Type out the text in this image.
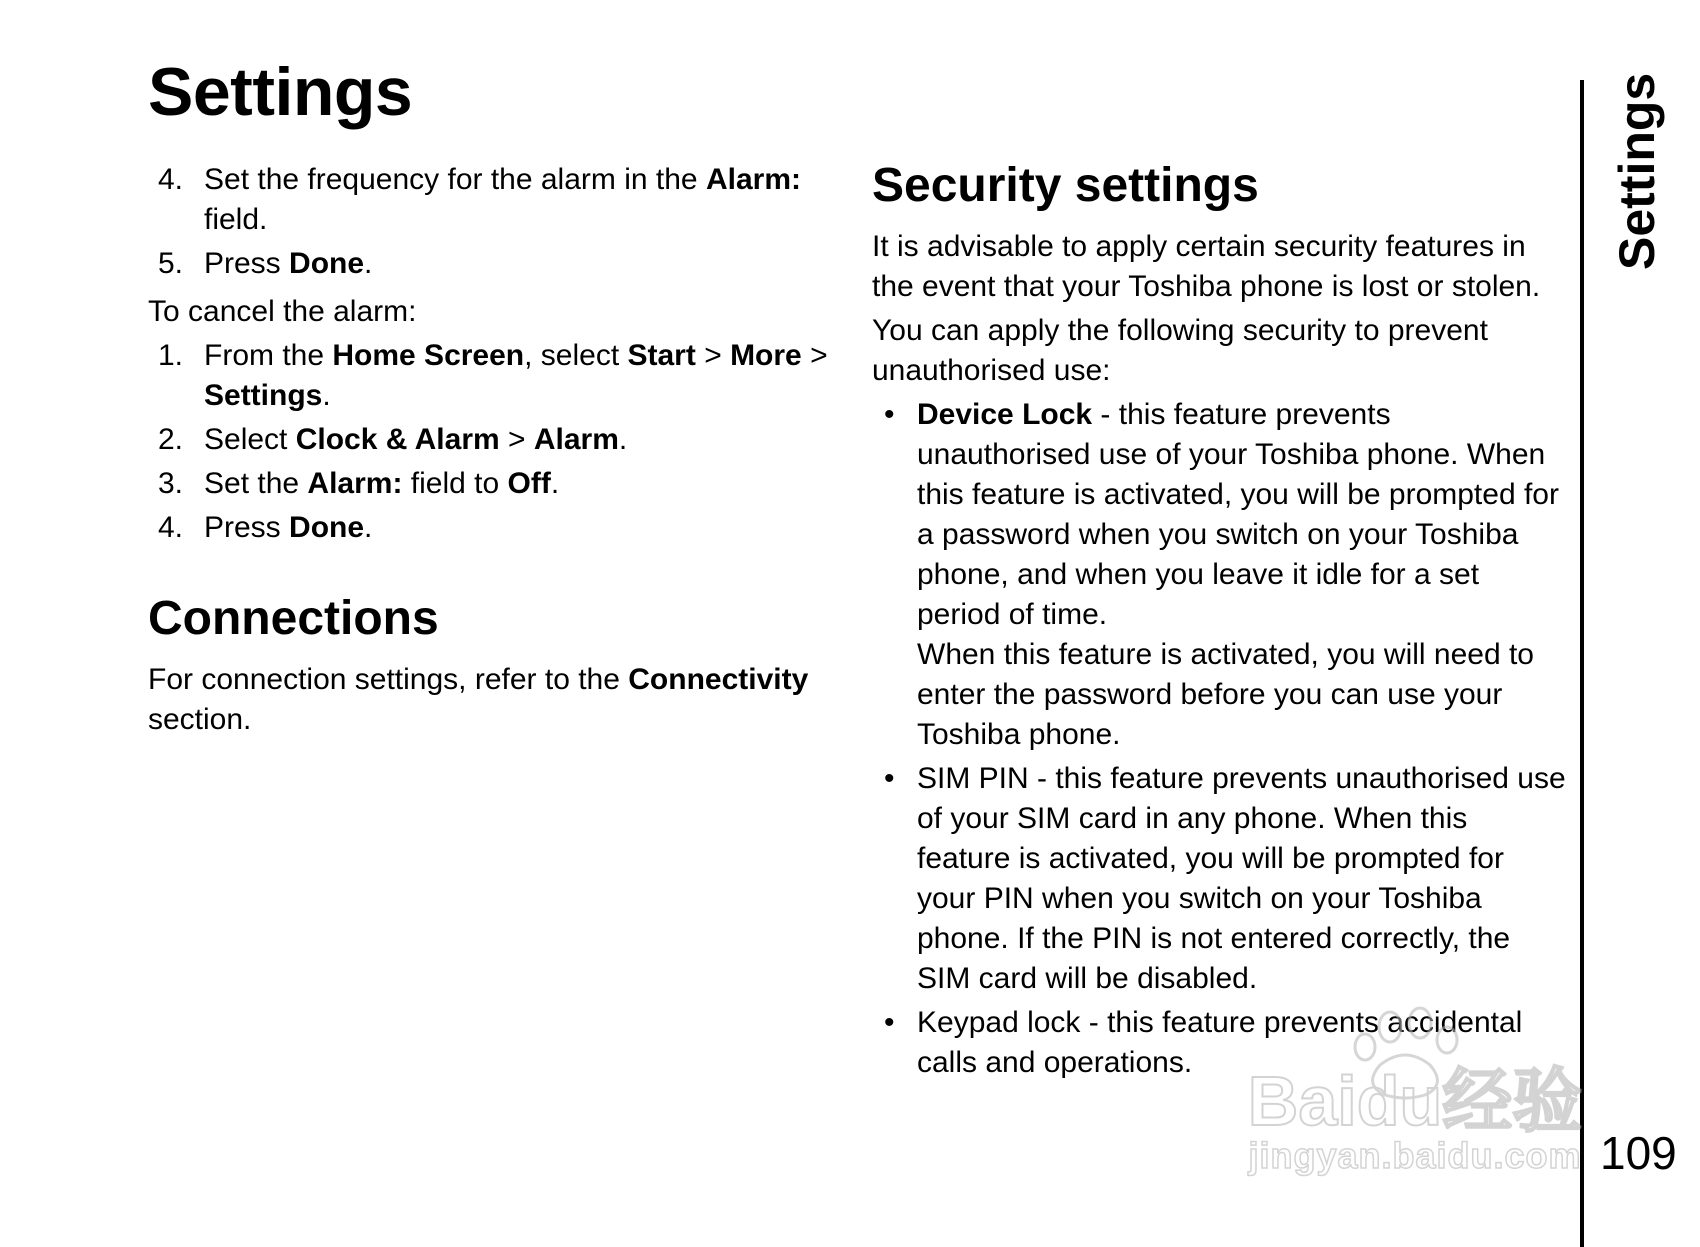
Settings
4. Set the frequency for the alarm in the Alarm: field.
5. Press Done.

To cancel the alarm:

1. From the Home Screen, select Start > More > Settings.
2. Select Clock & Alarm > Alarm.
3. Set the Alarm: field to Off.
4. Press Done.
Connections

For connection settings, refer to the Connectivity section.

Security settings

It is advisable to apply certain security features in the event that your Toshiba phone is lost or stolen.

You can apply the following security to prevent unauthorised use:

• Device Lock - this feature prevents unauthorised use of your Toshiba phone. When this feature is activated, you will be prompted for a password when you switch on your Toshiba phone, and when you leave it idle for a set period of time.
When this feature is activated, you will need to enter the password before you can use your Toshiba phone.
• SIM PIN - this feature prevents unauthorised use of your SIM card in any phone. When this feature is activated, you will be prompted for your PIN when you switch on your Toshiba phone. If the PIN is not entered correctly, the SIM card will be disabled.
• Keypad lock - this feature prevents accidental calls and operations.
Settings
109
Baidu经验
jingyan.baidu.com
